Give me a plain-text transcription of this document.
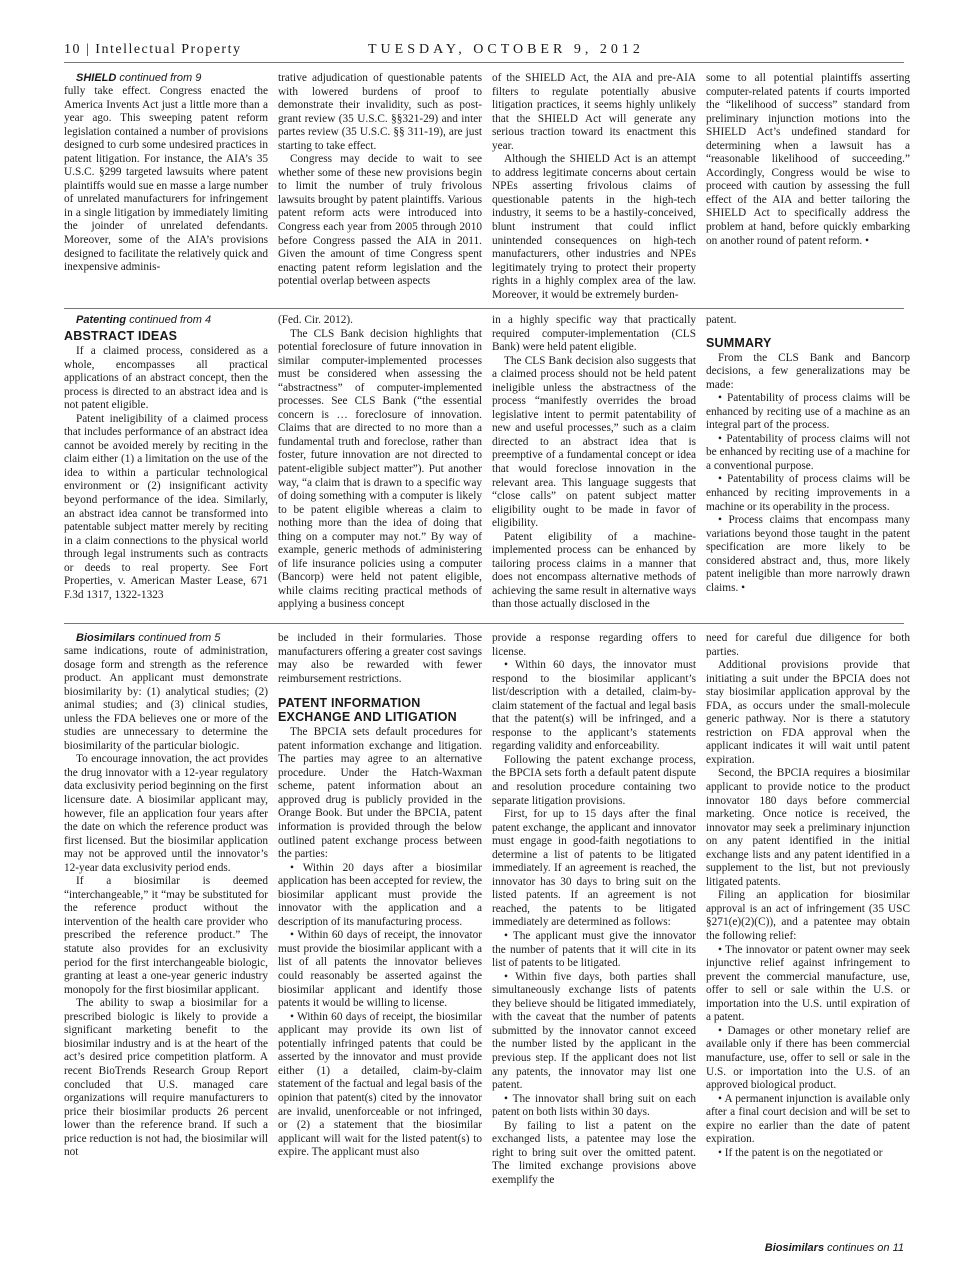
10 | Intellectual Property	TUESDAY, OCTOBER 9, 2012

SHIELD continued from 9

fully take effect. Congress enacted the America Invents Act just a little more than a year ago. This sweeping patent reform legislation contained a number of provisions designed to curb some undesired practices in patent litigation. For instance, the AIA’s 35 U.S.C. §299 targeted lawsuits where patent plaintiffs would sue en masse a large number of unrelated manufacturers for infringement in a single litigation by immediately limiting the joinder of unrelated defendants. Moreover, some of the AIA’s provisions designed to facilitate the relatively quick and inexpensive adminis-

trative adjudication of questionable patents with lowered burdens of proof to demonstrate their invalidity, such as post-grant review (35 U.S.C. §§321-29) and inter partes review (35 U.S.C. §§ 311-19), are just starting to take effect.

Congress may decide to wait to see whether some of these new provisions begin to limit the number of truly frivolous lawsuits brought by patent plaintiffs. Various patent reform acts were introduced into Congress each year from 2005 through 2010 before Congress passed the AIA in 2011. Given the amount of time Congress spent enacting patent reform legislation and the potential overlap between aspects

of the SHIELD Act, the AIA and pre-AIA filters to regulate potentially abusive litigation practices, it seems highly unlikely that the SHIELD Act will generate any serious traction toward its enactment this year.

Although the SHIELD Act is an attempt to address legitimate concerns about certain NPEs asserting frivolous claims of questionable patents in the high-tech industry, it seems to be a hastily-conceived, blunt instrument that could inflict unintended consequences on high-tech manufacturers, other industries and NPEs legitimately trying to protect their property rights in a highly complex area of the law. Moreover, it would be extremely burden-

some to all potential plaintiffs asserting computer-related patents if courts imported the “likelihood of success” standard from preliminary injunction motions into the SHIELD Act’s undefined standard for determining when a lawsuit has a “reasonable likelihood of succeeding.” Accordingly, Congress would be wise to proceed with caution by assessing the full effect of the AIA and better tailoring the SHIELD Act to specifically address the problem at hand, before quickly embarking on another round of patent reform. •

Patenting continued from 4

ABSTRACT IDEAS

If a claimed process, considered as a whole, encompasses all practical applications of an abstract concept, then the process is directed to an abstract idea and is not patent eligible.

Patent ineligibility of a claimed process that includes performance of an abstract idea cannot be avoided merely by reciting in the claim either (1) a limitation on the use of the idea to within a particular technological environment or (2) insignificant activity beyond performance of the idea. Similarly, an abstract idea cannot be transformed into patentable subject matter merely by reciting in a claim connections to the physical world through legal instruments such as contracts or deeds to real property. See Fort Properties, v. American Master Lease, 671 F.3d 1317, 1322-1323

(Fed. Cir. 2012).

The CLS Bank decision highlights that potential foreclosure of future innovation in similar computer-implemented processes must be considered when assessing the “abstractness” of computer-implemented processes. See CLS Bank (“the essential concern is … foreclosure of innovation. Claims that are directed to no more than a fundamental truth and foreclose, rather than foster, future innovation are not directed to patent-eligible subject matter”). Put another way, “a claim that is drawn to a specific way of doing something with a computer is likely to be patent eligible whereas a claim to nothing more than the idea of doing that thing on a computer may not.” By way of example, generic methods of administering of life insurance policies using a computer (Bancorp) were held not patent eligible, while claims reciting practical methods of applying a business concept

in a highly specific way that practically required computer-implementation (CLS Bank) were held patent eligible.

The CLS Bank decision also suggests that a claimed process should not be held patent ineligible unless the abstractness of the process “manifestly overrides the broad legislative intent to permit patentability of new and useful processes,” such as a claim directed to an abstract idea that is preemptive of a fundamental concept or idea that would foreclose innovation in the relevant area. This language suggests that “close calls” on patent subject matter eligibility ought to be made in favor of eligibility.

Patent eligibility of a machine-implemented process can be enhanced by tailoring process claims in a manner that does not encompass alternative methods of achieving the same result in alternative ways than those actually disclosed in the

patent.

SUMMARY

From the CLS Bank and Bancorp decisions, a few generalizations may be made:

• Patentability of process claims will be enhanced by reciting use of a machine as an integral part of the process.

• Patentability of process claims will not be enhanced by reciting use of a machine for a conventional purpose.

• Patentability of process claims will be enhanced by reciting improvements in a machine or its operability in the process.

• Process claims that encompass many variations beyond those taught in the patent specification are more likely to be considered abstract and, thus, more likely patent ineligible than more narrowly drawn claims. •

Biosimilars continued from 5

same indications, route of administration, dosage form and strength as the reference product. An applicant must demonstrate biosimilarity by: (1) analytical studies; (2) animal studies; and (3) clinical studies, unless the FDA believes one or more of the studies are unnecessary to determine the biosimilarity of the particular biologic.

To encourage innovation, the act provides the drug innovator with a 12-year regulatory data exclusivity period beginning on the first licensure date. A biosimilar applicant may, however, file an application four years after the date on which the reference product was first licensed. But the biosimilar application may not be approved until the innovator’s 12-year data exclusivity period ends.

If a biosimilar is deemed “interchangeable,” it “may be substituted for the reference product without the intervention of the health care provider who prescribed the reference product.” The statute also provides for an exclusivity period for the first interchangeable biologic, granting at least a one-year generic industry monopoly for the first biosimilar applicant.

The ability to swap a biosimilar for a prescribed biologic is likely to provide a significant marketing benefit to the biosimilar industry and is at the heart of the act’s desired price competition platform. A recent BioTrends Research Group Report concluded that U.S. managed care organizations will require manufacturers to price their biosimilar products 26 percent lower than the reference brand. If such a price reduction is not had, the biosimilar will not

be included in their formularies. Those manufacturers offering a greater cost savings may also be rewarded with fewer reimbursement restrictions.

PATENT INFORMATION EXCHANGE AND LITIGATION

The BPCIA sets default procedures for patent information exchange and litigation. The parties may agree to an alternative procedure. Under the Hatch-Waxman scheme, patent information about an approved drug is publicly provided in the Orange Book. But under the BPCIA, patent information is provided through the below outlined patent exchange process between the parties:

• Within 20 days after a biosimilar application has been accepted for review, the biosimilar applicant must provide the innovator with the application and a description of its manufacturing process.

• Within 60 days of receipt, the innovator must provide the biosimilar applicant with a list of all patents the innovator believes could reasonably be asserted against the biosimilar applicant and identify those patents it would be willing to license.

• Within 60 days of receipt, the biosimilar applicant may provide its own list of potentially infringed patents that could be asserted by the innovator and must provide either (1) a detailed, claim-by-claim statement of the factual and legal basis of the opinion that patent(s) cited by the innovator are invalid, unenforceable or not infringed, or (2) a statement that the biosimilar applicant will wait for the listed patent(s) to expire. The applicant must also

provide a response regarding offers to license.

• Within 60 days, the innovator must respond to the biosimilar applicant’s list/description with a detailed, claim-by-claim statement of the factual and legal basis that the patent(s) will be infringed, and a response to the applicant’s statements regarding validity and enforceability.

Following the patent exchange process, the BPCIA sets forth a default patent dispute and resolution procedure containing two separate litigation provisions.

First, for up to 15 days after the final patent exchange, the applicant and innovator must engage in good-faith negotiations to determine a list of patents to be litigated immediately. If an agreement is reached, the innovator has 30 days to bring suit on the listed patents. If an agreement is not reached, the patents to be litigated immediately are determined as follows:

• The applicant must give the innovator the number of patents that it will cite in its list of patents to be litigated.

• Within five days, both parties shall simultaneously exchange lists of patents they believe should be litigated immediately, with the caveat that the number of patents submitted by the innovator cannot exceed the number listed by the applicant in the previous step. If the applicant does not list any patents, the innovator may list one patent.

• The innovator shall bring suit on each patent on both lists within 30 days.

By failing to list a patent on the exchanged lists, a patentee may lose the right to bring suit over the omitted patent. The limited exchange provisions above exemplify the

need for careful due diligence for both parties.

Additional provisions provide that initiating a suit under the BPCIA does not stay biosimilar application approval by the FDA, as occurs under the small-molecule generic pathway. Nor is there a statutory restriction on FDA approval when the applicant indicates it will wait until patent expiration.

Second, the BPCIA requires a biosimilar applicant to provide notice to the product innovator 180 days before commercial marketing. Once notice is received, the innovator may seek a preliminary injunction on any patent identified in the initial exchange lists and any patent identified in a supplement to the list, but not previously litigated patents.

Filing an application for biosimilar approval is an act of infringement (35 USC §271(e)(2)(C)), and a patentee may obtain the following relief:

• The innovator or patent owner may seek injunctive relief against infringement to prevent the commercial manufacture, use, offer to sell or sale within the U.S. or importation into the U.S. until expiration of a patent.

• Damages or other monetary relief are available only if there has been commercial manufacture, use, offer to sell or sale in the U.S. or importation into the U.S. of an approved biological product.

• A permanent injunction is available only after a final court decision and will be set to expire no earlier than the date of patent expiration.

• If the patent is on the negotiated or

Biosimilars continues on 11
